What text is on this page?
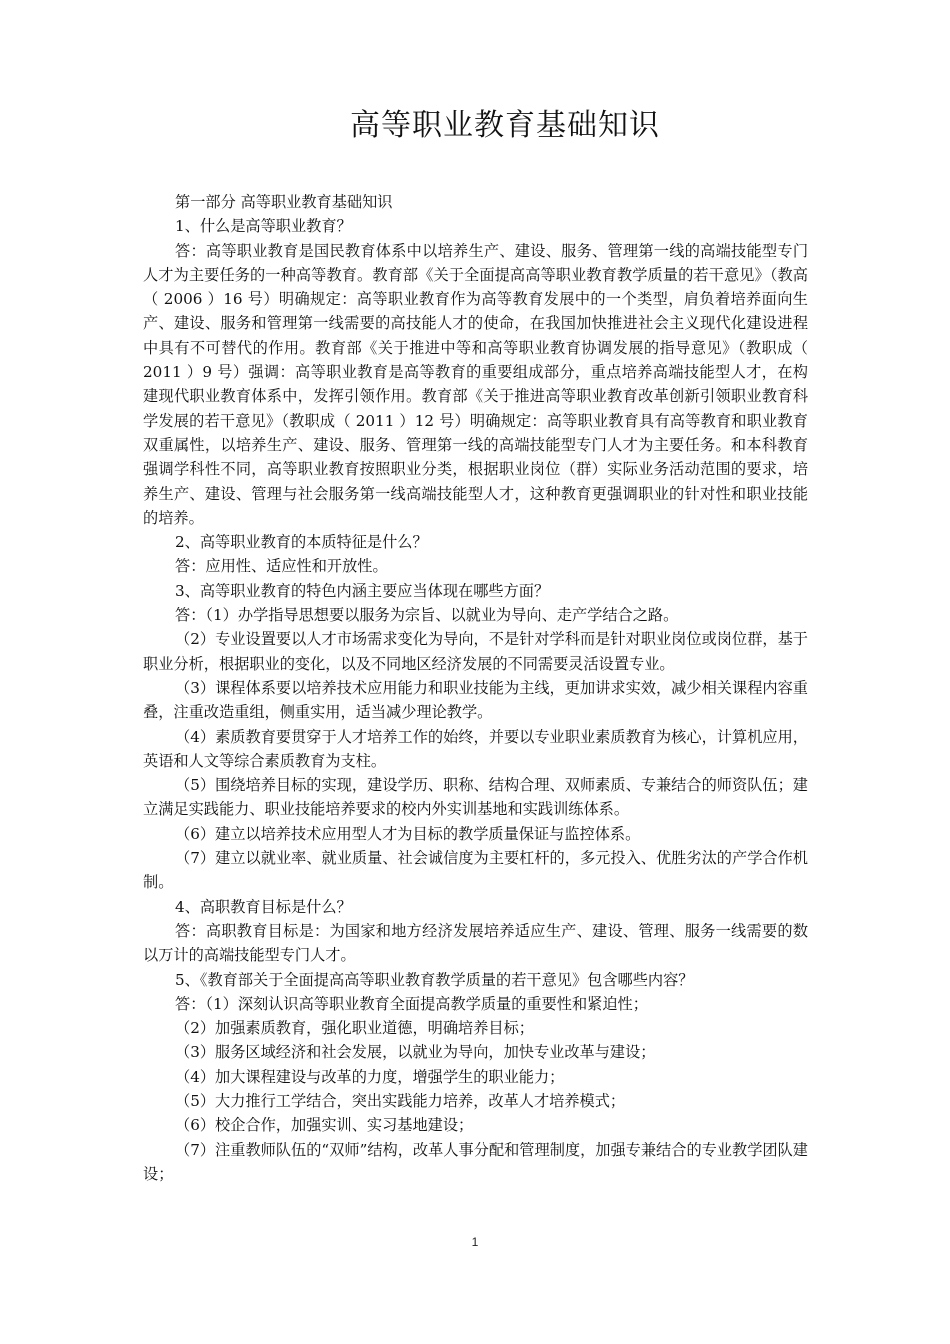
高等职业教育基础知识

第一部分 高等职业教育基础知识

1、什么是高等职业教育？

答：高等职业教育是国民教育体系中以培养生产、建设、服务、管理第一线的高端技能型专门人才为主要任务的一种高等教育。教育部《关于全面提高高等职业教育教学质量的若干意见》（教高（ 2006 ）16 号）明确规定：高等职业教育作为高等教育发展中的一个类型，肩负着培养面向生产、建设、服务和管理第一线需要的高技能人才的使命，在我国加快推进社会主义现代化建设进程中具有不可替代的作用。教育部《关于推进中等和高等职业教育协调发展的指导意见》（教职成（ 2011 ）9 号）强调：高等职业教育是高等教育的重要组成部分，重点培养高端技能型人才，在构建现代职业教育体系中，发挥引领作用。教育部《关于推进高等职业教育改革创新引领职业教育科学发展的若干意见》（教职成（ 2011 ）12 号）明确规定：高等职业教育具有高等教育和职业教育双重属性，以培养生产、建设、服务、管理第一线的高端技能型专门人才为主要任务。和本科教育强调学科性不同，高等职业教育按照职业分类，根据职业岗位（群）实际业务活动范围的要求，培养生产、建设、管理与社会服务第一线高端技能型人才，这种教育更强调职业的针对性和职业技能的培养。

2、高等职业教育的本质特征是什么？

答：应用性、适应性和开放性。

3、高等职业教育的特色内涵主要应当体现在哪些方面？

答：（1）办学指导思想要以服务为宗旨、以就业为导向、走产学结合之路。

（2）专业设置要以人才市场需求变化为导向，不是针对学科而是针对职业岗位或岗位群，基于职业分析，根据职业的变化，以及不同地区经济发展的不同需要灵活设置专业。

（3）课程体系要以培养技术应用能力和职业技能为主线，更加讲求实效，减少相关课程内容重叠，注重改造重组，侧重实用，适当减少理论教学。

（4）素质教育要贯穿于人才培养工作的始终，并要以专业职业素质教育为核心，计算机应用，英语和人文等综合素质教育为支柱。

（5）围绕培养目标的实现，建设学历、职称、结构合理、双师素质、专兼结合的师资队伍；建立满足实践能力、职业技能培养要求的校内外实训基地和实践训练体系。

（6）建立以培养技术应用型人才为目标的教学质量保证与监控体系。

（7）建立以就业率、就业质量、社会诚信度为主要杠杆的，多元投入、优胜劣汰的产学合作机制。

4、高职教育目标是什么？

答：高职教育目标是：为国家和地方经济发展培养适应生产、建设、管理、服务一线需要的数以万计的高端技能型专门人才。

5、《教育部关于全面提高高等职业教育教学质量的若干意见》包含哪些内容？

答：（1）深刻认识高等职业教育全面提高教学质量的重要性和紧迫性；

（2）加强素质教育，强化职业道德，明确培养目标；

（3）服务区域经济和社会发展，以就业为导向，加快专业改革与建设；

（4）加大课程建设与改革的力度，增强学生的职业能力；

（5）大力推行工学结合，突出实践能力培养，改革人才培养模式；

（6）校企合作，加强实训、实习基地建设；

（7）注重教师队伍的“双师”结构，改革人事分配和管理制度，加强专兼结合的专业教学团队建设；

1
